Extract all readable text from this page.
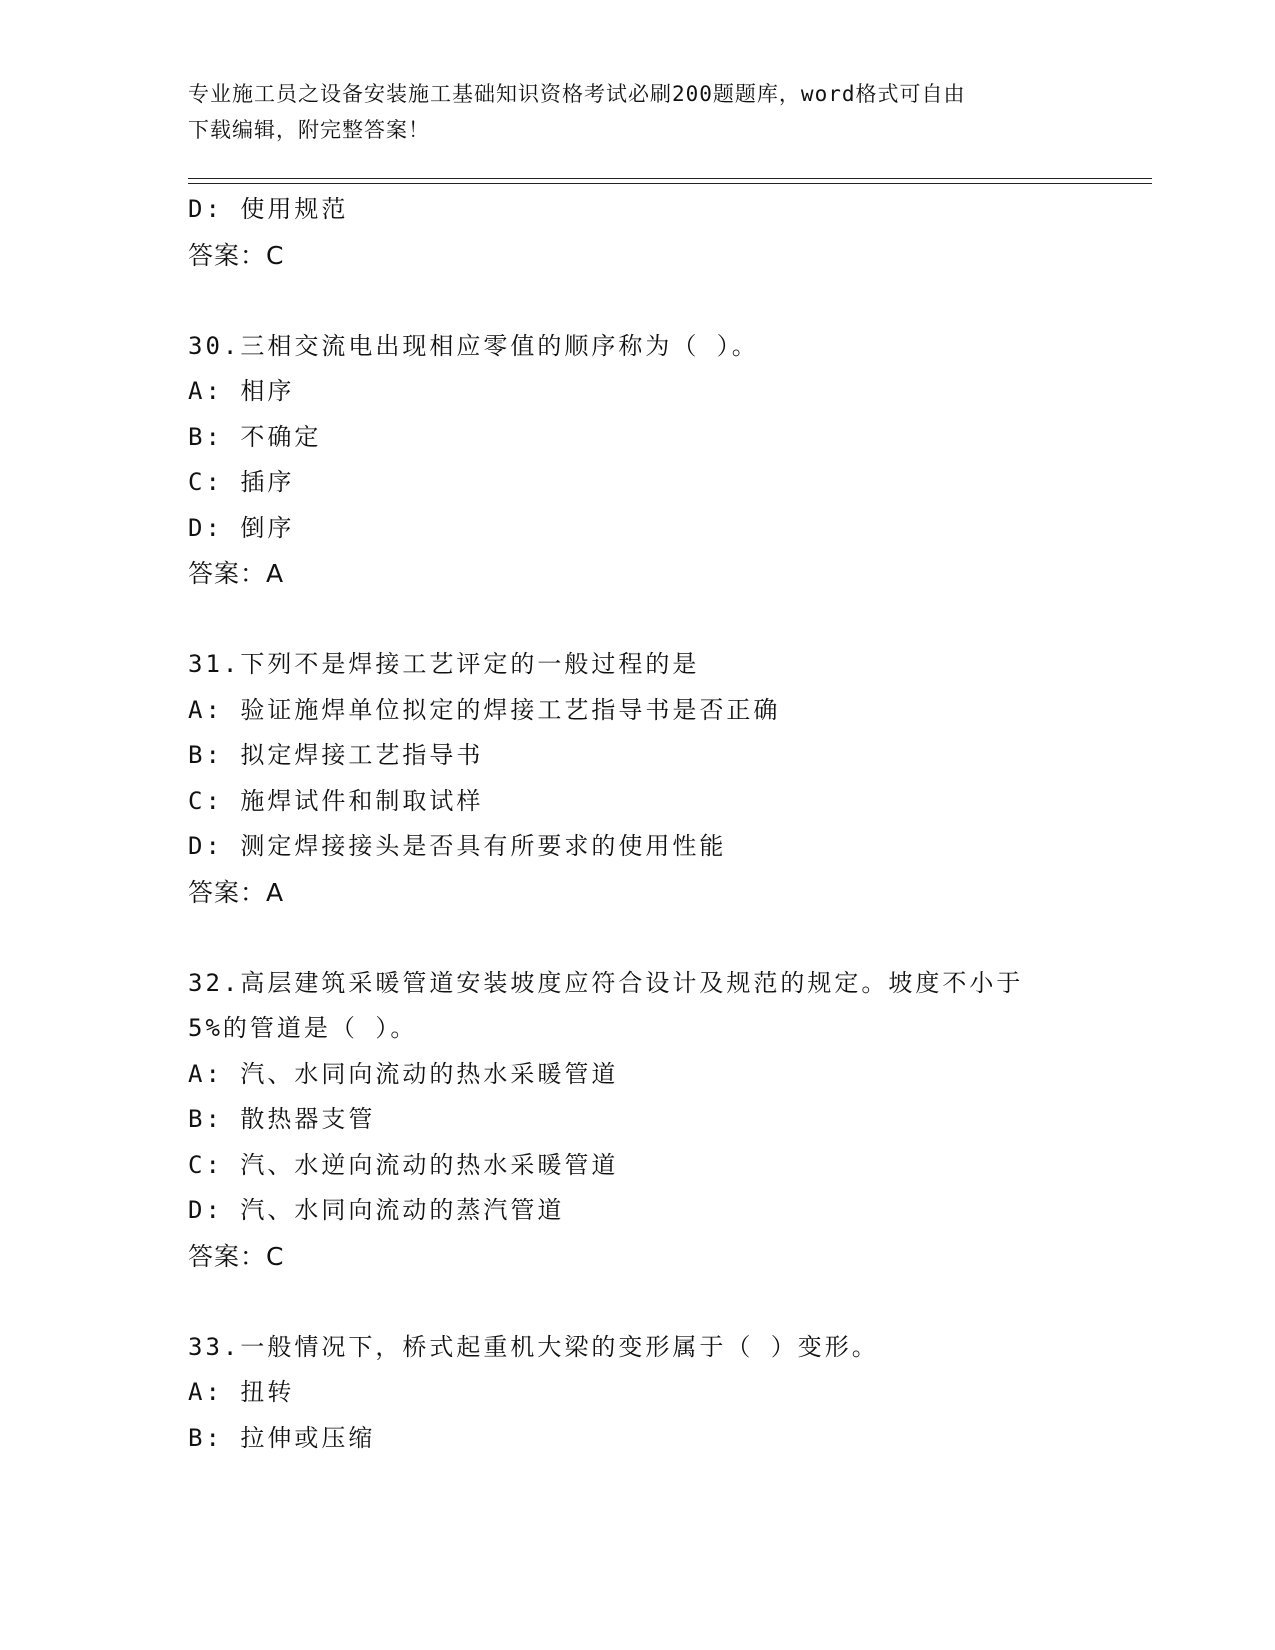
专业施工员之设备安装施工基础知识资格考试必刷200题题库，word格式可自由
下载编辑，附完整答案！
D: 使用规范
答案：C
30.三相交流电出现相应零值的顺序称为（ ）。
A: 相序
B: 不确定
C: 插序
D: 倒序
答案：A
31.下列不是焊接工艺评定的一般过程的是
A: 验证施焊单位拟定的焊接工艺指导书是否正确
B: 拟定焊接工艺指导书
C: 施焊试件和制取试样
D: 测定焊接接头是否具有所要求的使用性能
答案：A
32.高层建筑采暖管道安装坡度应符合设计及规范的规定。坡度不小于
5%的管道是（ ）。
A: 汽、水同向流动的热水采暖管道
B: 散热器支管
C: 汽、水逆向流动的热水采暖管道
D: 汽、水同向流动的蒸汽管道
答案：C
33.一般情况下，桥式起重机大梁的变形属于（ ）变形。
A: 扭转
B: 拉伸或压缩
